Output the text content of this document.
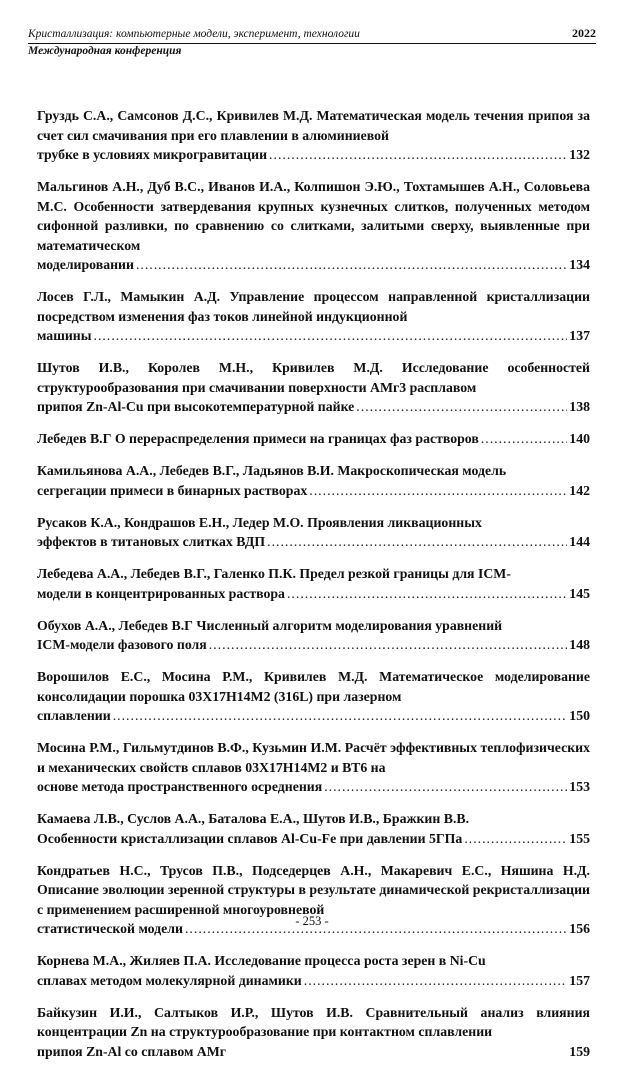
Кристаллизация: компьютерные модели, эксперимент, технологии	2022
Международная конференция
Груздь С.А., Самсонов Д.С., Кривилев М.Д. Математическая модель течения припоя за счет сил смачивания при его плавлении в алюминиевой
трубке в условиях микрогравитации .....	132
Мальгинов А.Н., Дуб В.С., Иванов И.А., Колпишон Э.Ю., Тохтамышев А.Н., Соловьева М.С. Особенности затвердевания крупных кузнечных слитков, полученных методом сифонной разливки, по сравнению со слитками, залитыми сверху, выявленные при математическом
моделировании .....	134
Лосев Г.Л., Мамыкин А.Д. Управление процессом направленной кристаллизации посредством изменения фаз токов линейной индукционной
машины .....	137
Шутов И.В., Королев М.Н., Кривилев М.Д. Исследование особенностей структурообразования при смачивании поверхности АМг3 расплавом
припоя Zn-Al-Cu при высокотемпературной пайке .....	138
Лебедев В.Г О перераспределения примеси на границах фаз растворов .....	140
Камильянова А.А., Лебедев В.Г., Ладьянов В.И. Макроскопическая модель
сегрегации примеси в бинарных растворах .....	142
Русаков К.А., Кондрашов Е.Н., Ледер М.О. Проявления ликвационных
эффектов в титановых слитках ВДП .....	144
Лебедева А.А., Лебедев В.Г., Галенко П.К. Предел резкой границы для ICM-
модели в концентрированных раствора .....	145
Обухов А.А., Лебедев В.Г Численный алгоритм моделирования уравнений
ICM-модели фазового поля .....	148
Ворошилов Е.С., Мосина Р.М., Кривилев М.Д. Математическое моделирование консолидации порошка 03Х17Н14М2 (316L) при лазерном
сплавлении .....	150
Мосина Р.М., Гильмутдинов В.Ф., Кузьмин И.М. Расчёт эффективных теплофизических и механических свойств сплавов 03Х17Н14М2 и ВТ6 на
основе метода пространственного осреднения .....	153
Камаева Л.В., Суслов А.А., Баталова Е.А., Шутов И.В., Бражкин В.В.
Особенности кристаллизации сплавов Al-Cu-Fe при давлении 5ГПа .....	155
Кондратьев Н.С., Трусов П.В., Подседерцев А.Н., Макаревич Е.С., Няшина Н.Д. Описание эволюции зеренной структуры в результате динамической рекристаллизации с применением расширенной многоуровневой
статистической модели .....	156
Корнева М.А., Жиляев П.А. Исследование процесса роста зерен в Ni-Cu
сплавах методом молекулярной динамики .....	157
Байкузин И.И., Салтыков И.Р., Шутов И.В. Сравнительный анализ влияния концентрации Zn на структурообразование при контактном сплавлении
припоя Zn-Al со сплавом АМг	159
- 253 -
